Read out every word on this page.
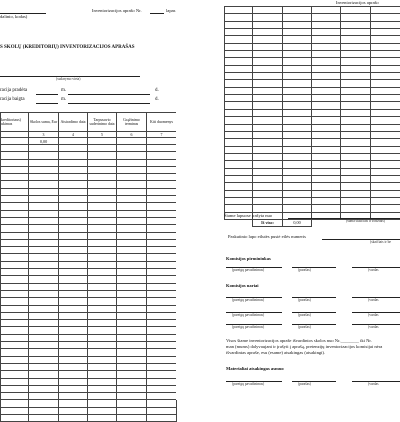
dalinio, kodas)
Inventorizacijos aprašo Nr.	lapas
S SKOLŲ (KREDITORIŲ) INVENTORIZACIJOS APRAŠAS
(sudarymo vieta)
racija pradėta	m.	d.
racija baigta	m.	d.
kreditoriaus) ukimas	Skolos suma, Eur	Atsiradimo data	Tarpusavio suderinimo data	Grąžinimo terminas	Kiti duomenys
	3	4	5	6	7
	0,00				

Inventorizacijos aprašo

	Iš viso:	0,00			
Šiame lapuose įrašyta nuo
(suma skaičiais ir žodžiais)
Paskutinio lapo eilutės pusiė eilės numeris
(skaičiais ir be
Komisijos pirmininkas
(pareigų pavadinimas)	(parašas)	(vardas
Komisijos nariai
(pareigų pavadinimas)	(parašas)	(vardas
(pareigų pavadinimas)	(parašas)	(vardas
(pareigų pavadinimas)	(parašas)	(vardas
Visos šiame inventorizacijos apraše išvardintos skolos nuo Nr.________ iki Nr.
man (mums) dalyvaujant ir įrašyti į aprašą, pretenzijų inventorizacijos komisijai nėra
išvardintas apraše, esu (esame) atsakingas (atsakingi).
Materialiai atsakingas asmuo
(pareigų pavadinimas)	(parašas)	(vardas
